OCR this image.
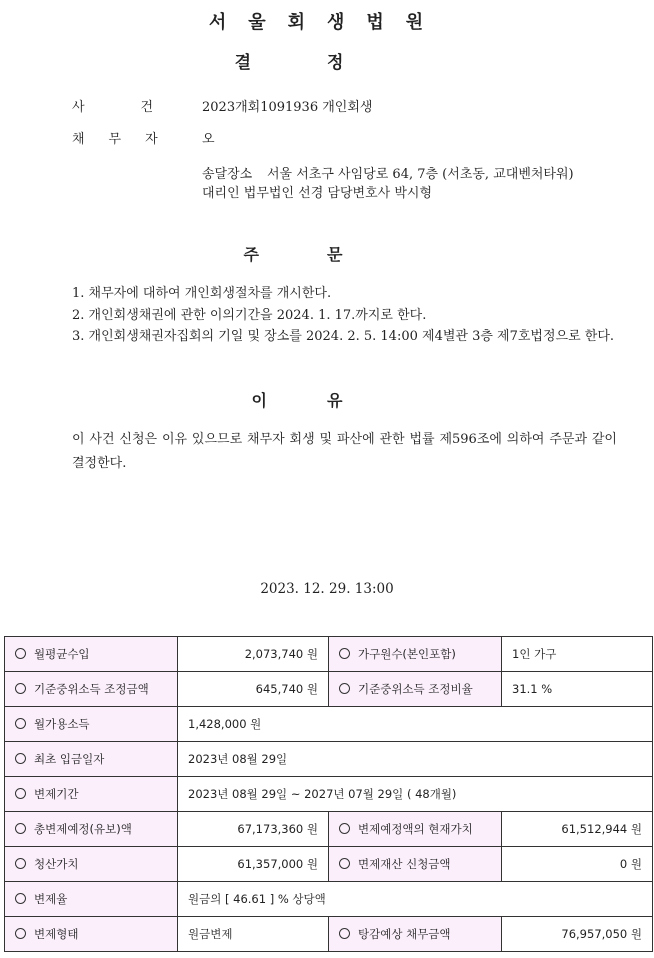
서울회생법원
결정
사건
2023개회1091936 개인회생
채무자 오
송달장소 서울 서초구 사임당로 64, 7층 (서초동, 교대벤처타워)
대리인 법무법인 선경 담당변호사 박시형
주문
1. 채무자에 대하여 개인회생절차를 개시한다.
2. 개인회생채권에 관한 이의기간을 2024. 1. 17.까지로 한다.
3. 개인회생채권자집회의 기일 및 장소를 2024. 2. 5. 14:00 제4별관 3층 제7호법정으로 한다.
이유
이 사건 신청은 이유 있으므로 채무자 회생 및 파산에 관한 법률 제596조에 의하여 주문과 같이 결정한다.
2023. 12. 29. 13:00
월평균수입	2,073,740 원	가구원수(본인포함)	1인 가구
기준중위소득 조정금액	645,740 원	기준중위소득 조정비율	31.1 %
월가용소득	1,428,000 원		
최초 입금일자	2023년 08월 29일		
변제기간	2023년 08월 29일 ~ 2027년 07월 29일 ( 48개월)		
총변제예정(유보)액	67,173,360 원	변제예정액의 현재가치	61,512,944 원
청산가치	61,357,000 원	면제재산 신청금액	0 원
변제율	원금의 [ 46.61 ] % 상당액		
변제형태	원금변제	탕감예상 채무금액	76,957,050 원
